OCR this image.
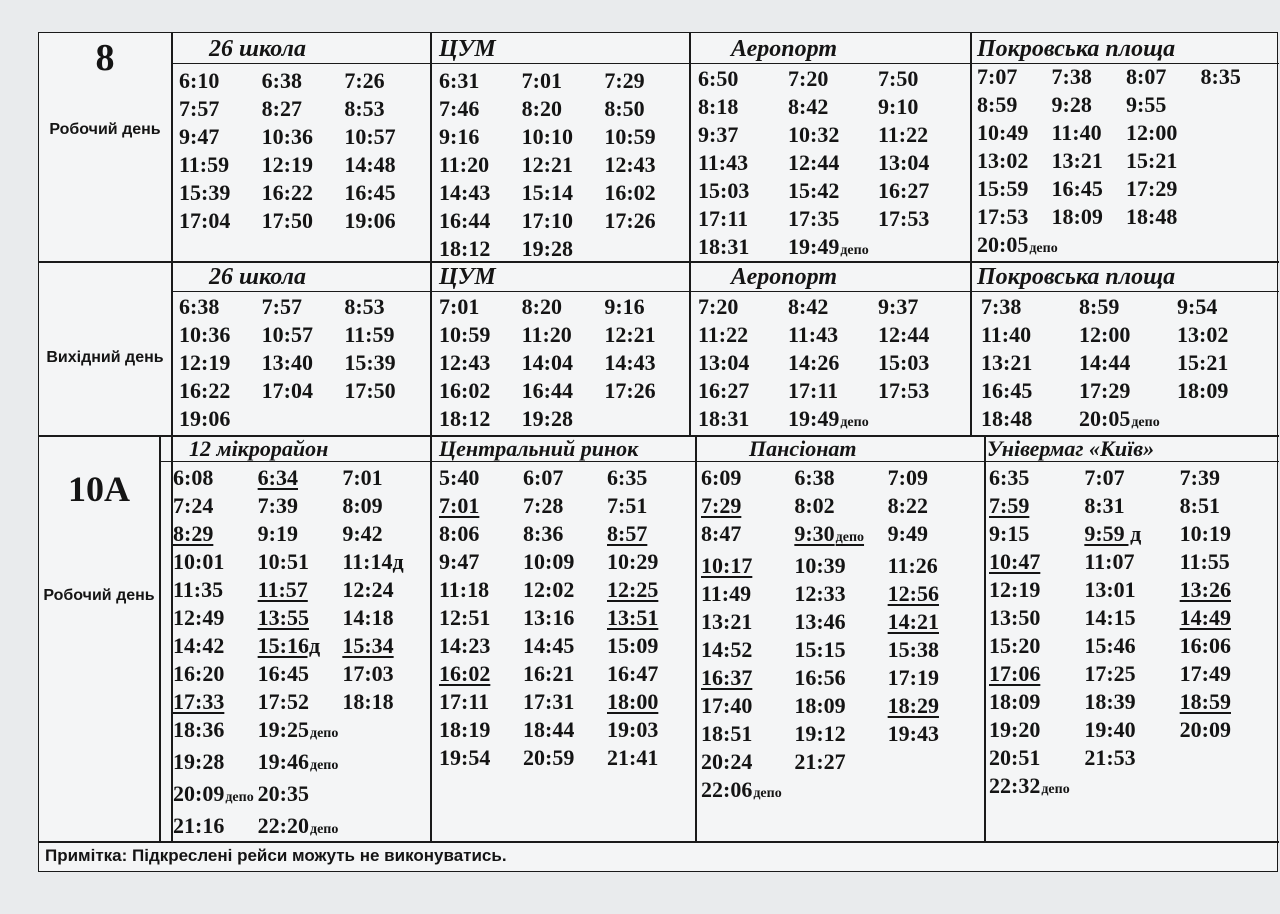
8
Робочий день
Вихідний день
10А
Робочий день
26 школа
6:10	6:38	7:26
7:57	8:27	8:53
9:47	10:36	10:57
11:59	12:19	14:48
15:39	16:22	16:45
17:04	17:50	19:06
ЦУМ
6:31	7:01	7:29
7:46	8:20	8:50
9:16	10:10	10:59
11:20	12:21	12:43
14:43	15:14	16:02
16:44	17:10	17:26
18:12	19:28
Аеропорт
6:50	7:20	7:50
8:18	8:42	9:10
9:37	10:32	11:22
11:43	12:44	13:04
15:03	15:42	16:27
17:11	17:35	17:53
18:31	19:49депо
Покровська площа
7:07	7:38	8:07	8:35
8:59	9:28	9:55
10:49	11:40	12:00
13:02	13:21	15:21
15:59	16:45	17:29
17:53	18:09	18:48
20:05депо
26 школа
6:38	7:57	8:53
10:36	10:57	11:59
12:19	13:40	15:39
16:22	17:04	17:50
19:06
ЦУМ
7:01	8:20	9:16
10:59	11:20	12:21
12:43	14:04	14:43
16:02	16:44	17:26
18:12	19:28
Аеропорт
7:20	8:42	9:37
11:22	11:43	12:44
13:04	14:26	15:03
16:27	17:11	17:53
18:31	19:49депо
Покровська площа
7:38	8:59	9:54
11:40	12:00	13:02
13:21	14:44	15:21
16:45	17:29	18:09
18:48	20:05депо
12 мікрорайон
6:08	6:34	7:01
7:24	7:39	8:09
8:29	9:19	9:42
10:01	10:51	11:14д
11:35	11:57	12:24
12:49	13:55	14:18
14:42	15:16д	15:34
16:20	16:45	17:03
17:33	17:52	18:18
18:36	19:25депо
19:28	19:46депо
20:09депо 20:35
21:16	22:20депо
Центральний ринок
5:40	6:07	6:35
7:01	7:28	7:51
8:06	8:36	8:57
9:47	10:09	10:29
11:18	12:02	12:25
12:51	13:16	13:51
14:23	14:45	15:09
16:02	16:21	16:47
17:11	17:31	18:00
18:19	18:44	19:03
19:54	20:59	21:41
Пансіонат
6:09	6:38	7:09
7:29	8:02	8:22
8:47	9:30депо	9:49
10:17	10:39	11:26
11:49	12:33	12:56
13:21	13:46	14:21
14:52	15:15	15:38
16:37	16:56	17:19
17:40	18:09	18:29
18:51	19:12	19:43
20:24	21:27
22:06депо
Універмаг «Київ»
6:35	7:07	7:39
7:59	8:31	8:51
9:15	9:59 д	10:19
10:47	11:07	11:55
12:19	13:01	13:26
13:50	14:15	14:49
15:20	15:46	16:06
17:06	17:25	17:49
18:09	18:39	18:59
19:20	19:40	20:09
20:51	21:53
22:32депо
Примітка: Підкреслені рейси можуть не виконуватись.
